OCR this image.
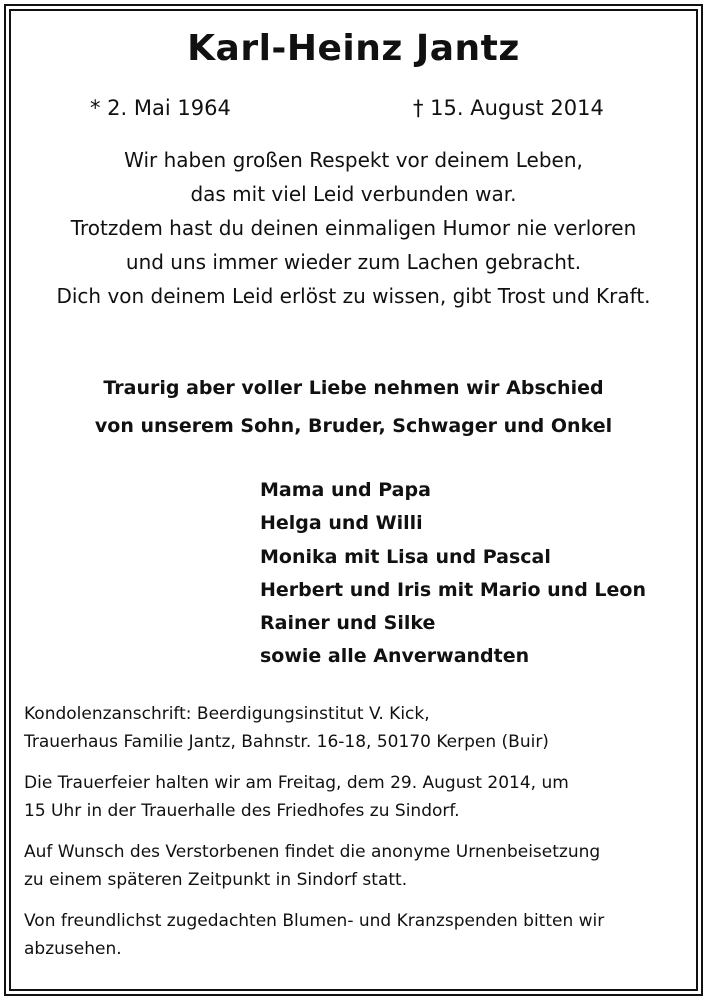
Karl-Heinz Jantz
* 2. Mai 1964	† 15. August 2014
Wir haben großen Respekt vor deinem Leben,
das mit viel Leid verbunden war.
Trotzdem hast du deinen einmaligen Humor nie verloren
und uns immer wieder zum Lachen gebracht.
Dich von deinem Leid erlöst zu wissen, gibt Trost und Kraft.
Traurig aber voller Liebe nehmen wir Abschied
von unserem Sohn, Bruder, Schwager und Onkel
Mama und Papa
Helga und Willi
Monika mit Lisa und Pascal
Herbert und Iris mit Mario und Leon
Rainer und Silke
sowie alle Anverwandten
Kondolenzanschrift: Beerdigungsinstitut V. Kick,
Trauerhaus Familie Jantz, Bahnstr. 16-18, 50170 Kerpen (Buir)
Die Trauerfeier halten wir am Freitag, dem 29. August 2014, um
15 Uhr in der Trauerhalle des Friedhofes zu Sindorf.
Auf Wunsch des Verstorbenen findet die anonyme Urnenbeisetzung
zu einem späteren Zeitpunkt in Sindorf statt.
Von freundlichst zugedachten Blumen- und Kranzspenden bitten wir
abzusehen.
